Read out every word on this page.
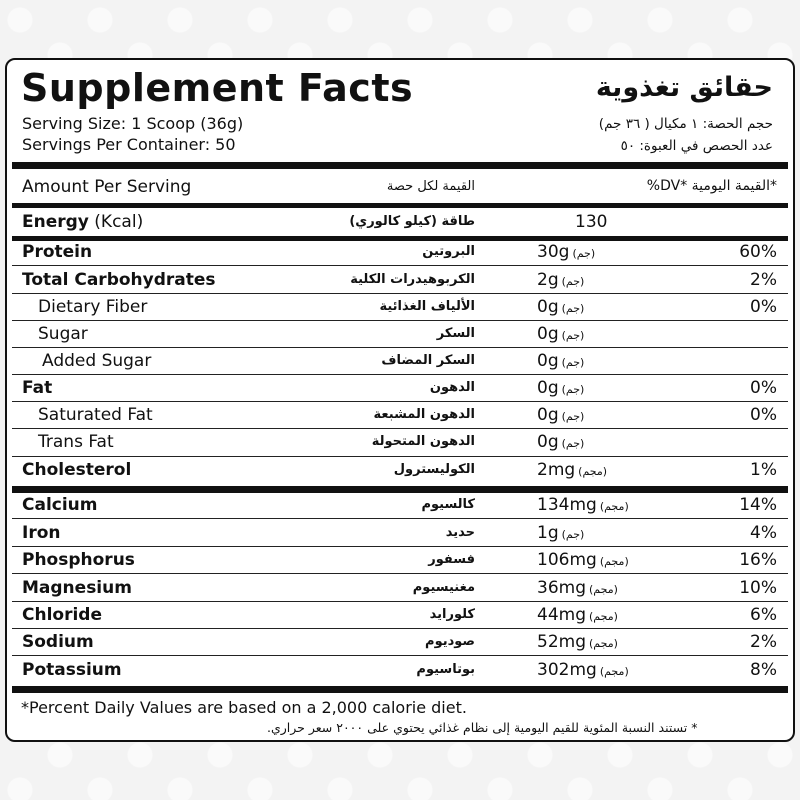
Supplement Facts	حقائق تغذوية
Serving Size: 1 Scoop (36g)
Servings Per Container: 50
حجم الحصة: ١ مكيال ( ٣٦ جم)
عدد الحصص في العبوة: ٥٠
Amount Per Serving	القيمة لكل حصة	*القيمة اليومية *DV%
Energy (Kcal)	طاقة (كيلو كالوري)	130
Protein	البروتين	30g (جم)	60%
Total Carbohydrates	الكربوهيدرات الكلية	2g (جم)	2%
Dietary Fiber	الألياف الغذائية	0g (جم)	0%
Sugar	السكر	0g (جم)
Added Sugar	السكر المضاف	0g (جم)
Fat	الدهون	0g (جم)	0%
Saturated Fat	الدهون المشبعة	0g (جم)	0%
Trans Fat	الدهون المتحولة	0g (جم)
Cholesterol	الكوليسترول	2mg (مجم)	1%
Calcium	كالسيوم	134mg (مجم)	14%
Iron	حديد	1g (جم)	4%
Phosphorus	فسفور	106mg (مجم)	16%
Magnesium	مغنيسيوم	36mg (مجم)	10%
Chloride	كلورايد	44mg (مجم)	6%
Sodium	صوديوم	52mg (مجم)	2%
Potassium	بوتاسيوم	302mg (مجم)	8%
*Percent Daily Values are based on a 2,000 calorie diet.
* تستند النسبة المئوية للقيم اليومية إلى نظام غذائي يحتوي على ٢٠٠٠ سعر حراري.
